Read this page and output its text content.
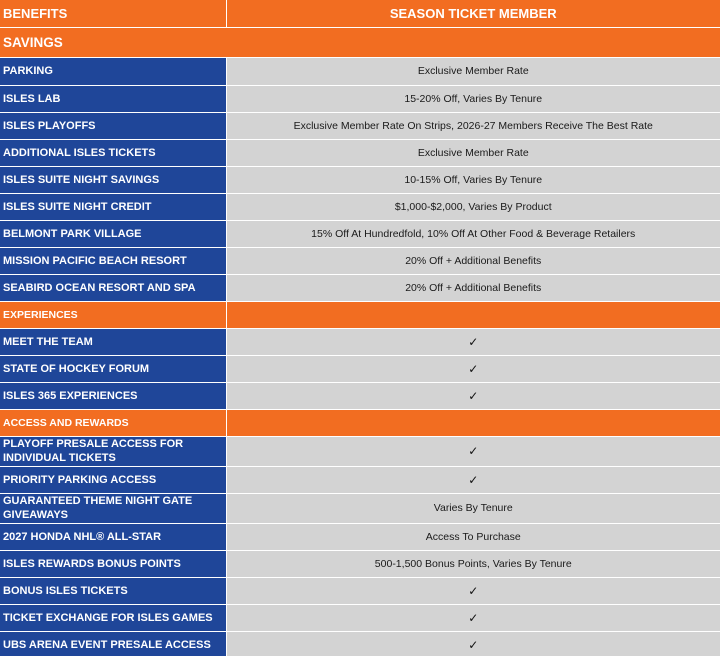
BENEFITS	SEASON TICKET MEMBER
SAVINGS	
PARKING	Exclusive Member Rate
ISLES LAB	15-20% Off, Varies By Tenure
ISLES PLAYOFFS	Exclusive Member Rate On Strips, 2026-27 Members Receive The Best Rate
ADDITIONAL ISLES TICKETS	Exclusive Member Rate
ISLES SUITE NIGHT SAVINGS	10-15% Off, Varies By Tenure
ISLES SUITE NIGHT CREDIT	$1,000-$2,000, Varies By Product
BELMONT PARK VILLAGE	15% Off At Hundredfold, 10% Off At Other Food & Beverage Retailers
MISSION PACIFIC BEACH RESORT	20% Off + Additional Benefits
SEABIRD OCEAN RESORT AND SPA	20% Off + Additional Benefits
EXPERIENCES	
MEET THE TEAM	✓
STATE OF HOCKEY FORUM	✓
ISLES 365 EXPERIENCES	✓
ACCESS AND REWARDS	
PLAYOFF PRESALE ACCESS FOR INDIVIDUAL TICKETS	✓
PRIORITY PARKING ACCESS	✓
GUARANTEED THEME NIGHT GATE GIVEAWAYS	Varies By Tenure
2027 HONDA NHL® ALL-STAR	Access To Purchase
ISLES REWARDS BONUS POINTS	500-1,500 Bonus Points, Varies By Tenure
BONUS ISLES TICKETS	✓
TICKET EXCHANGE FOR ISLES GAMES	✓
UBS ARENA EVENT PRESALE ACCESS	✓
